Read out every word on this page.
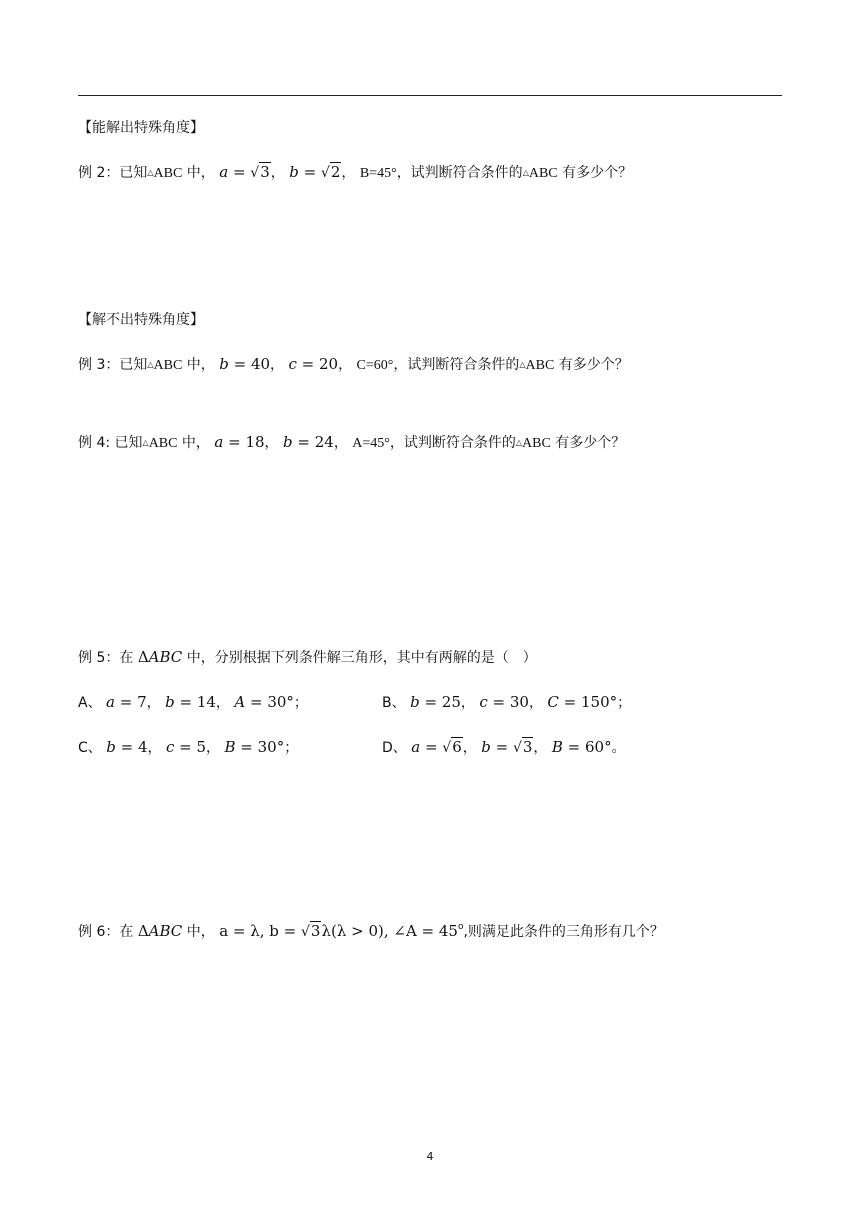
【能解出特殊角度】
例 2：已知△ABC 中， a = √3， b = √2， B=45°，试判断符合条件的△ABC 有多少个？
【解不出特殊角度】
例 3：已知△ABC 中， b = 40， c = 20， C=60°，试判断符合条件的△ABC 有多少个？
例 4: 已知△ABC 中， a = 18， b = 24， A=45°，试判断符合条件的△ABC 有多少个？
例 5：在 ΔABC 中，分别根据下列条件解三角形，其中有两解的是（　）
A、 a = 7， b = 14， A = 30°；	B、 b = 25， c = 30， C = 150°；
C、 b = 4， c = 5， B = 30°；	D、 a = √6， b = √3， B = 60°。
例 6：在 ΔABC 中， a = λ, b = √3λ(λ > 0), ∠A = $45^o$,则满足此条件的三角形有几个？
4
